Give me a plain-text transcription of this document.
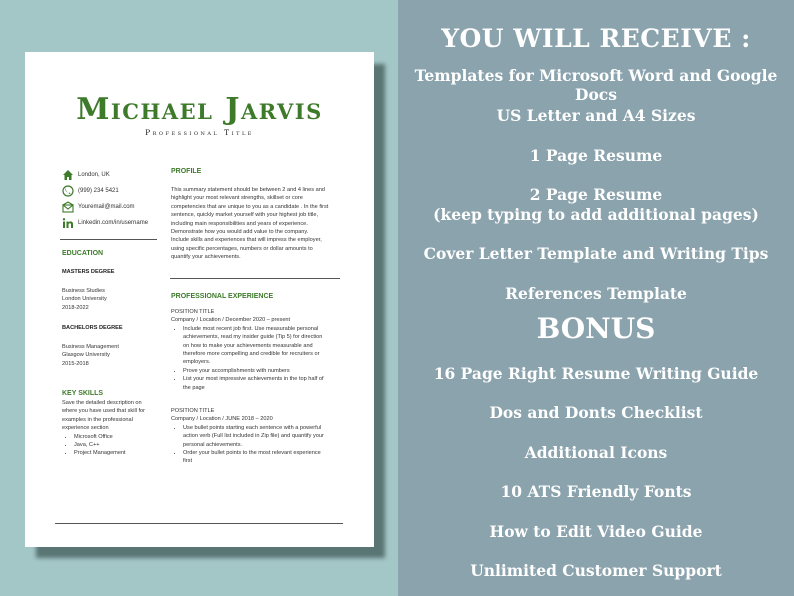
Michael Jarvis
Professional Title
London, UK
(999) 234 5421
Youremail@mail.com
Linkedin.com/in/username
EDUCATION
MASTERS DEGREE
Business Studies
London University
2018-2022
BACHELORS DEGREE
Business Management
Glasgow University
2015-2018
KEY SKILLS
Save the detailed description on
where you have used that skill for
examples in the professional
experience section
• Microsoft Office
• Java, C++
• Project Management
PROFILE
This summary statement should be between 2 and 4 lines and
highlight your most relevant strengths, skillset or core
competencies that are unique to you as a candidate . In the first
sentence, quickly market yourself with your highest job title,
including main responsibilities and years of experience.
Demonstrate how you would add value to the company.
Include skills and experiences that will impress the employer,
using specific percentages, numbers or dollar amounts to
quantify your achievements.
PROFESSIONAL EXPERIENCE
POSITION TITLE
Company / Location / December 2020 – present
• Include most recent job first. Use measurable personal
achievements, read my insider guide (Tip 5) for direction
on how to make your achievements measurable and
therefore more compelling and credible for recruiters or
employers.
• Prove your accomplishments with numbers
• List your most impressive achievements in the top half of
the page
POSITION TITLE
Company / Location / JUNE 2018 – 2020
• Use bullet points starting each sentence with a powerful
action verb (Full list included in Zip file) and quantify your
personal achievements.
• Order your bullet points to the most relevant experience
first
YOU WILL RECEIVE :
Templates for Microsoft Word and Google Docs
US Letter and A4 Sizes
1 Page Resume
2 Page Resume
(keep typing to add additional pages)
Cover Letter Template and Writing Tips
References Template
BONUS
16 Page Right Resume Writing Guide
Dos and Donts Checklist
Additional Icons
10 ATS Friendly Fonts
How to Edit Video Guide
Unlimited Customer Support
